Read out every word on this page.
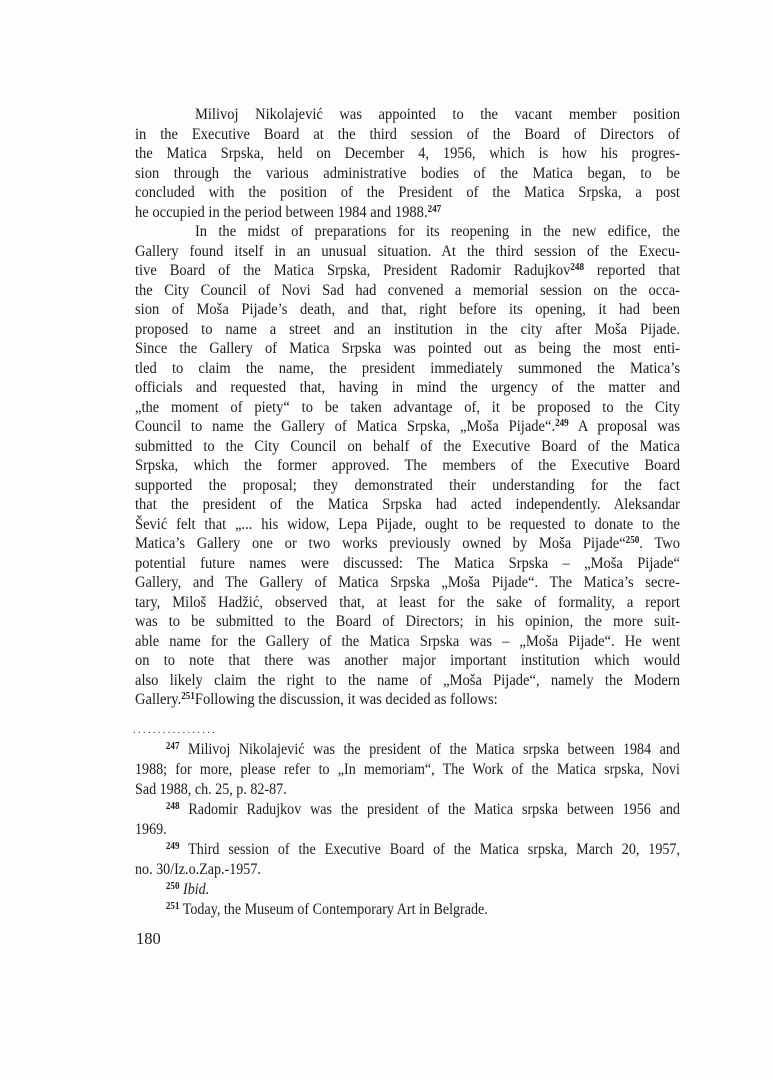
Milivoj Nikolajević was appointed to the vacant member position
in the Executive Board at the third session of the Board of Directors of
the Matica Srpska, held on December 4, 1956, which is how his progres-
sion through the various administrative bodies of the Matica began, to be
concluded with the position of the President of the Matica Srpska, a post
he occupied in the period between 1984 and 1988.$^{247}$
In the midst of preparations for its reopening in the new edifice, the
Gallery found itself in an unusual situation. At the third session of the Execu-
tive Board of the Matica Srpska, President Radomir Radujkov$^{248}$ reported that
the City Council of Novi Sad had convened a memorial session on the occa-
sion of Moša Pijade’s death, and that, right before its opening, it had been
proposed to name a street and an institution in the city after Moša Pijade.
Since the Gallery of Matica Srpska was pointed out as being the most enti-
tled to claim the name, the president immediately summoned the Matica’s
officials and requested that, having in mind the urgency of the matter and
„the moment of piety“ to be taken advantage of, it be proposed to the City
Council to name the Gallery of Matica Srpska, „Moša Pijade“.$^{249}$ A proposal was
submitted to the City Council on behalf of the Executive Board of the Matica
Srpska, which the former approved. The members of the Executive Board
supported the proposal; they demonstrated their understanding for the fact
that the president of the Matica Srpska had acted independently. Aleksandar
Šević felt that „... his widow, Lepa Pijade, ought to be requested to donate to the
Matica’s Gallery one or two works previously owned by Moša Pijade“$^{250}$. Two
potential future names were discussed: The Matica Srpska – „Moša Pijade“
Gallery, and The Gallery of Matica Srpska „Moša Pijade“. The Matica’s secre-
tary, Miloš Hadžić, observed that, at least for the sake of formality, a report
was to be submitted to the Board of Directors; in his opinion, the more suit-
able name for the Gallery of the Matica Srpska was – „Moša Pijade“. He went
on to note that there was another major important institution which would
also likely claim the right to the name of „Moša Pijade“, namely the Modern
Gallery.$^{251}$Following the discussion, it was decided as follows:
.................
$^{247}$ Milivoj Nikolajević was the president of the Matica srpska between 1984 and
1988; for more, please refer to „In memoriam“, The Work of the Matica srpska, Novi
Sad 1988, ch. 25, p. 82-87.
$^{248}$ Radomir Radujkov was the president of the Matica srpska between 1956 and
1969.
$^{249}$ Third session of the Executive Board of the Matica srpska, March 20, 1957,
no. 30/Iz.o.Zap.-1957.
$^{250}$ Ibid.
$^{251}$ Today, the Museum of Contemporary Art in Belgrade.
180
